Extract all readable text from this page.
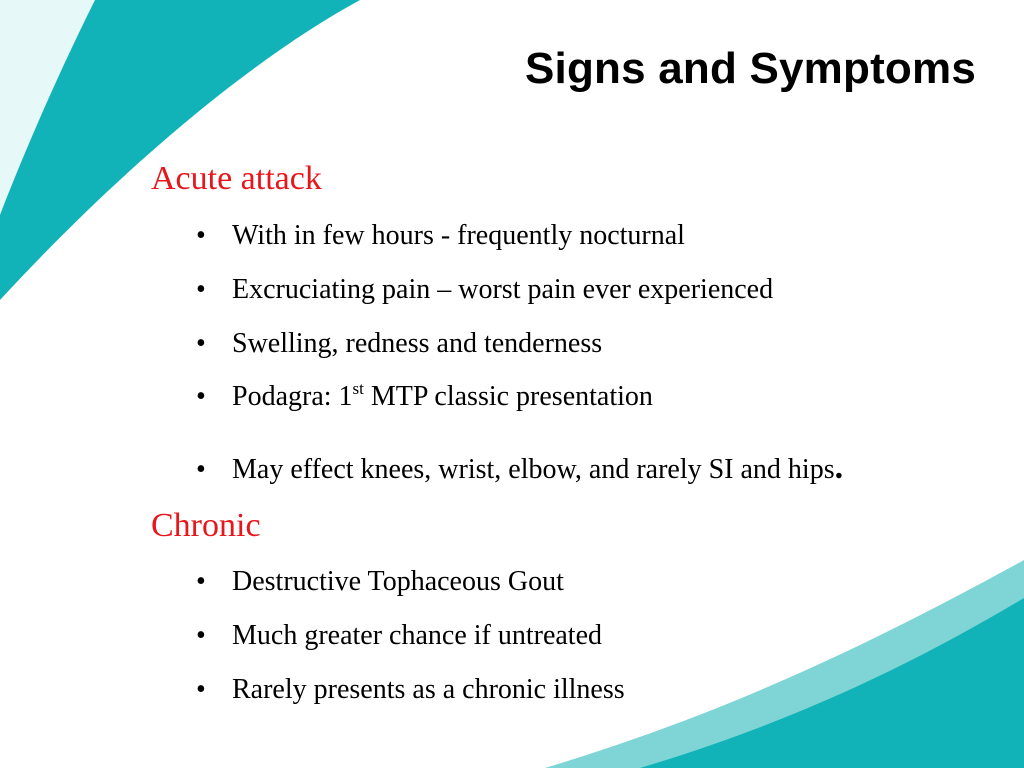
Signs and Symptoms
Acute attack
• With in few hours - frequently nocturnal
• Excruciating pain – worst pain ever experienced
• Swelling, redness and tenderness
• Podagra: 1st MTP classic presentation
• May effect knees, wrist, elbow, and rarely SI and hips.
Chronic
• Destructive Tophaceous Gout
• Much greater chance if untreated
• Rarely presents as a chronic illness
